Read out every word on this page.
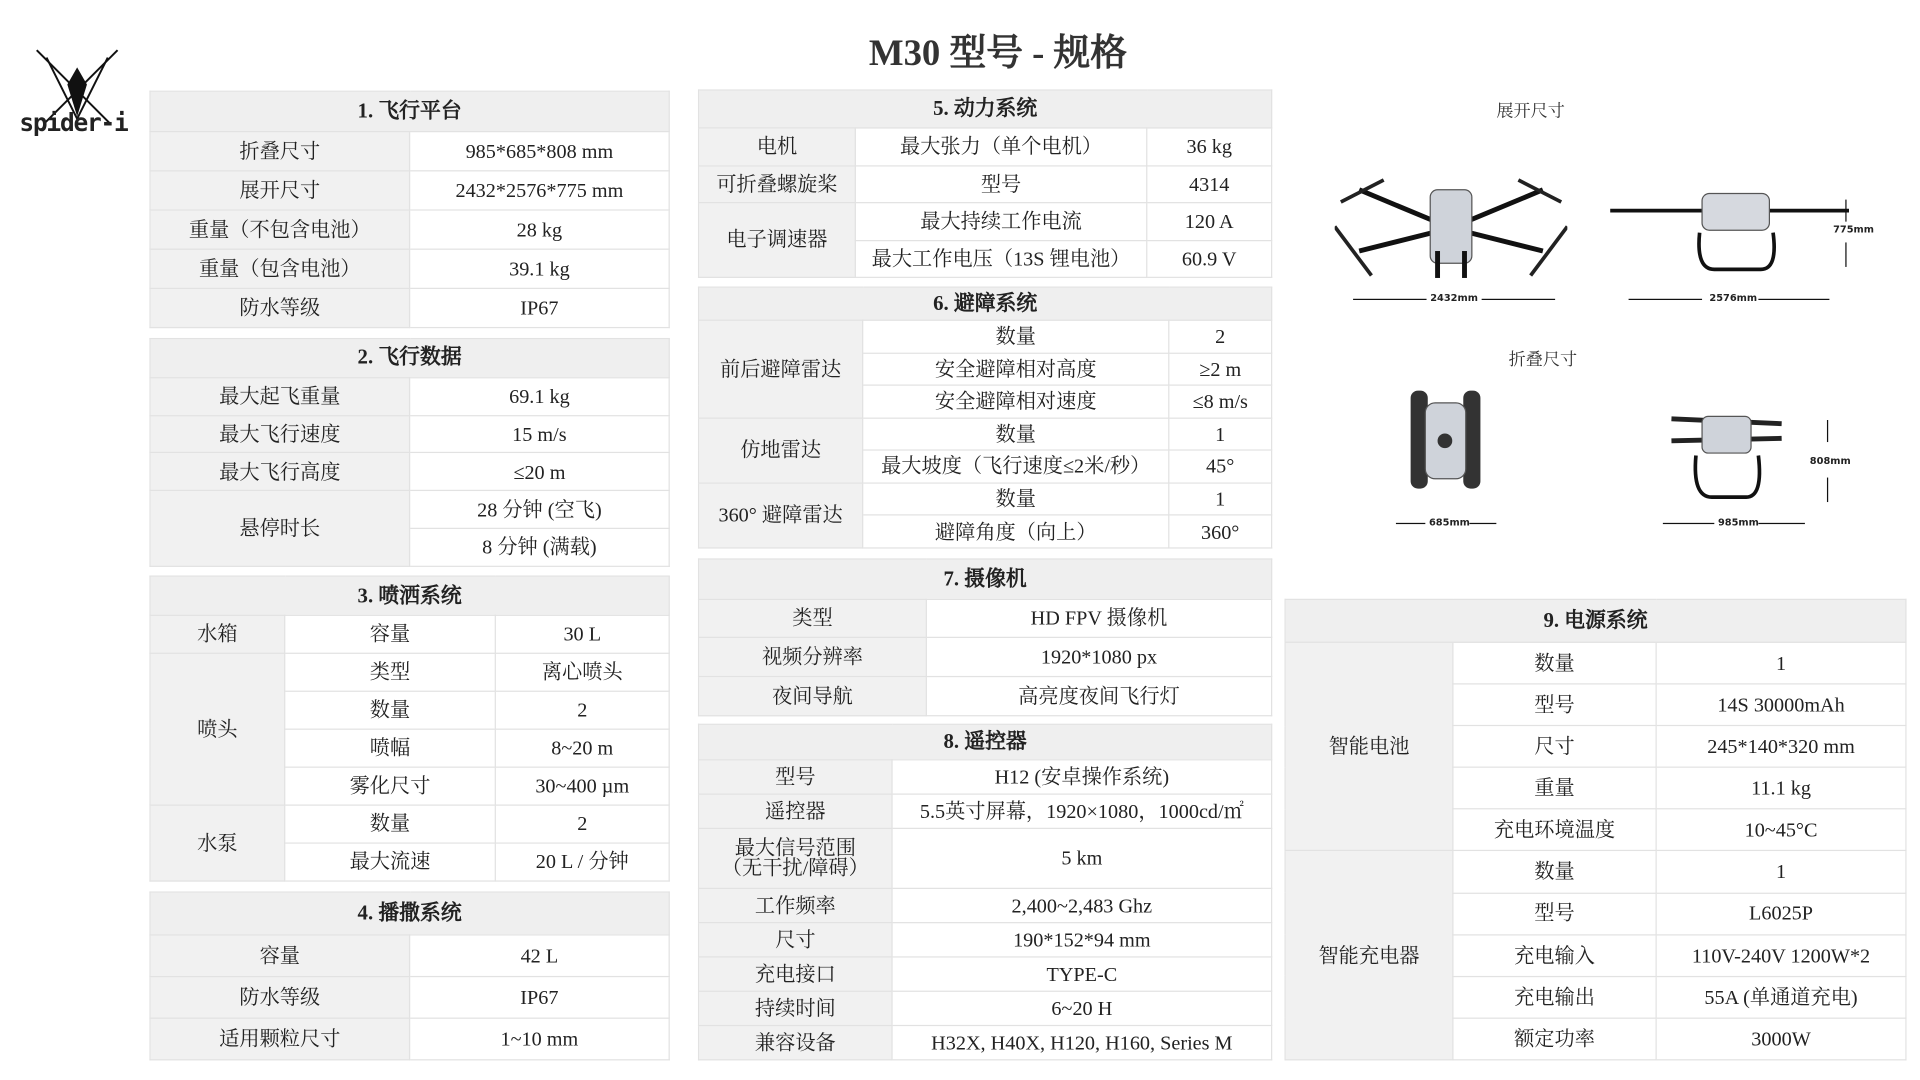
M30 型号 - 规格
spider-i	1. 飞行平台	
折叠尺寸	985*685*808 mm
展开尺寸	2432*2576*775 mm
重量（不包含电池）	28 kg
重量（包含电池）	39.1 kg
防水等级	IP67
2. 飞行数据	
最大起飞重量	69.1 kg
最大飞行速度	15 m/s
最大飞行高度	≤20 m
悬停时长	28 分钟 (空飞)
	8 分钟 (满载)
3. 喷洒系统		
水箱	容量	30 L
喷头	类型	离心喷头
	数量	2
	喷幅	8~20 m
	雾化尺寸	30~400 µm
水泵	数量	2
	最大流速	20 L / 分钟
4. 播撒系统	
容量	42 L
防水等级	IP67
适用颗粒尺寸	1~10 mm
5. 动力系统		
电机	最大张力（单个电机）	36 kg
可折叠螺旋桨	型号	4314
电子调速器	最大持续工作电流	120 A
	最大工作电压（13S 锂电池）	60.9 V
6. 避障系统		
前后避障雷达	数量	2
	安全避障相对高度	≥2 m
	安全避障相对速度	≤8 m/s
仿地雷达	数量	1
	最大坡度（飞行速度≤2米/秒）	45°
360° 避障雷达	数量	1
	避障角度（向上）	360°
7. 摄像机	
类型	HD FPV 摄像机
视频分辨率	1920*1080 px
夜间导航	高亮度夜间飞行灯
8. 遥控器	
型号	H12 (安卓操作系统)
遥控器	5.5英寸屏幕，1920×1080，1000cd/㎡
最大信号范围
（无干扰/障碍）	5 km
工作频率	2,400~2,483 Ghz
尺寸	190*152*94 mm
充电接口	TYPE-C
持续时间	6~20 H
兼容设备	H32X, H40X, H120, H160, Series M
9. 电源系统		
智能电池	数量	1
	型号	14S 30000mAh
	尺寸	245*140*320 mm
	重量	11.1 kg
	充电环境温度	10~45°C
智能充电器	数量	1
	型号	L6025P
	充电输入	110V-240V 1200W*2
	充电输出	55A (单通道充电)
	额定功率	3000W
展开尺寸
折叠尺寸
2432mm	2576mm
775mm
685mm	985mm
808mm
